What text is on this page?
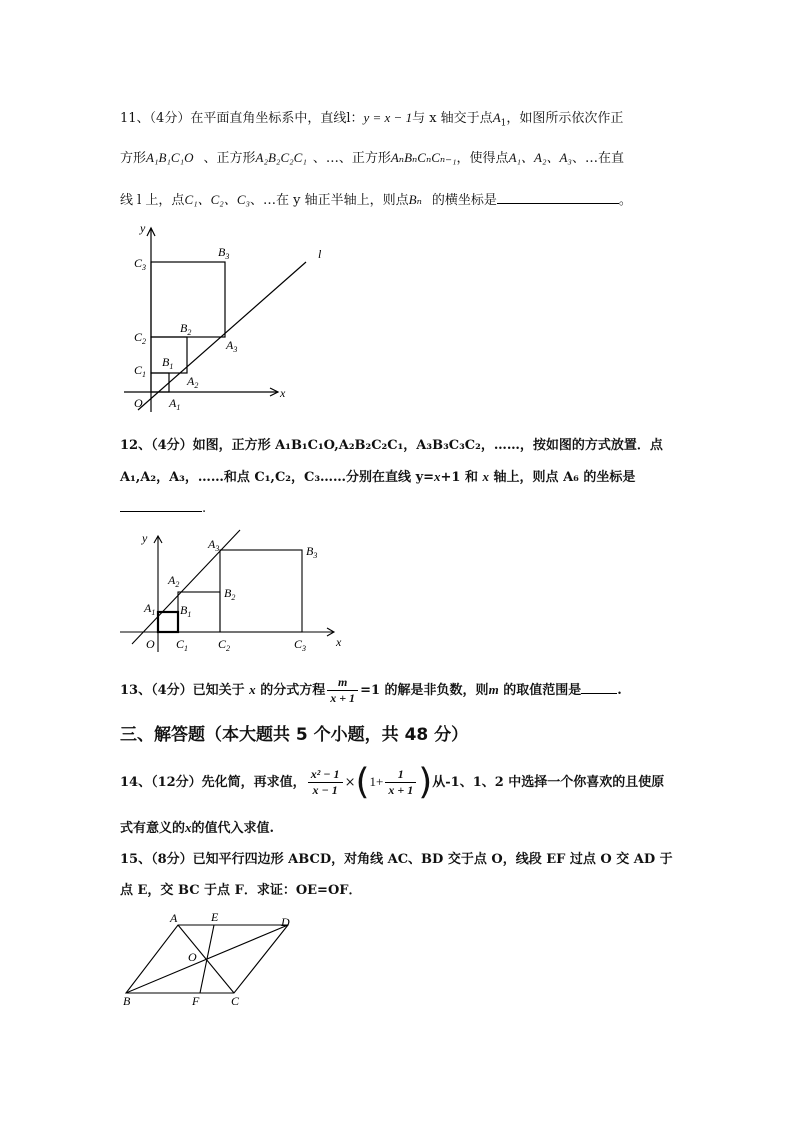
11、（4分）在平面直角坐标系中，直线l：y = x − 1与 x 轴交于点$A_1$，如图所示依次作正
方形A₁B₁C₁O 、正方形A₂B₂C₂C₁ 、…、正方形AₙBₙCₙCₙ₋₁，使得点A₁、A₂、A₃、…在直
线 l 上，点C₁、C₂、C₃、…在 y 轴正半轴上，则点Bₙ 的横坐标是	。
y
x
l
O
$C_3$
$C_2$
$C_1$
$B_3$
$B_2$
$B_1$
$A_3$
$A_2$
$A_1$
12、（4分）如图，正方形 A₁B₁C₁O,A₂B₂C₂C₁，A₃B₃C₃C₂，……，按如图的方式放置．点
A₁,A₂，A₃，……和点 C₁,C₂，C₃……分别在直线 y=x+1 和 x 轴上，则点 A₆ 的坐标是
.
y
x
O
$A_1$
$A_2$
$A_3$
$B_1$
$B_2$
$B_3$
$C_1$ $C_2$	$C_3$
13、（4分）已知关于 x 的分式方程 $\frac{m}{x + 1} =1$ 的解是非负数，则m 的取值范围是	.
三、解答题（本大题共 5 个小题，共 48 分）
14、（12分）先化简，再求值， $\frac{\text{x² − 1}}{x - 1} \times(1+ \frac{1}{x + 1}$ )从-1、1、2 中选择一个你喜欢的且使原
式有意义的x的值代入求值.
15、（8分）已知平行四边形 ABCD，对角线 AC、BD 交于点 O，线段 EF 过点 O 交 AD 于
点 E，交 BC 于点 F．求证：OE=OF．
A	E	D
O
B	F	C
